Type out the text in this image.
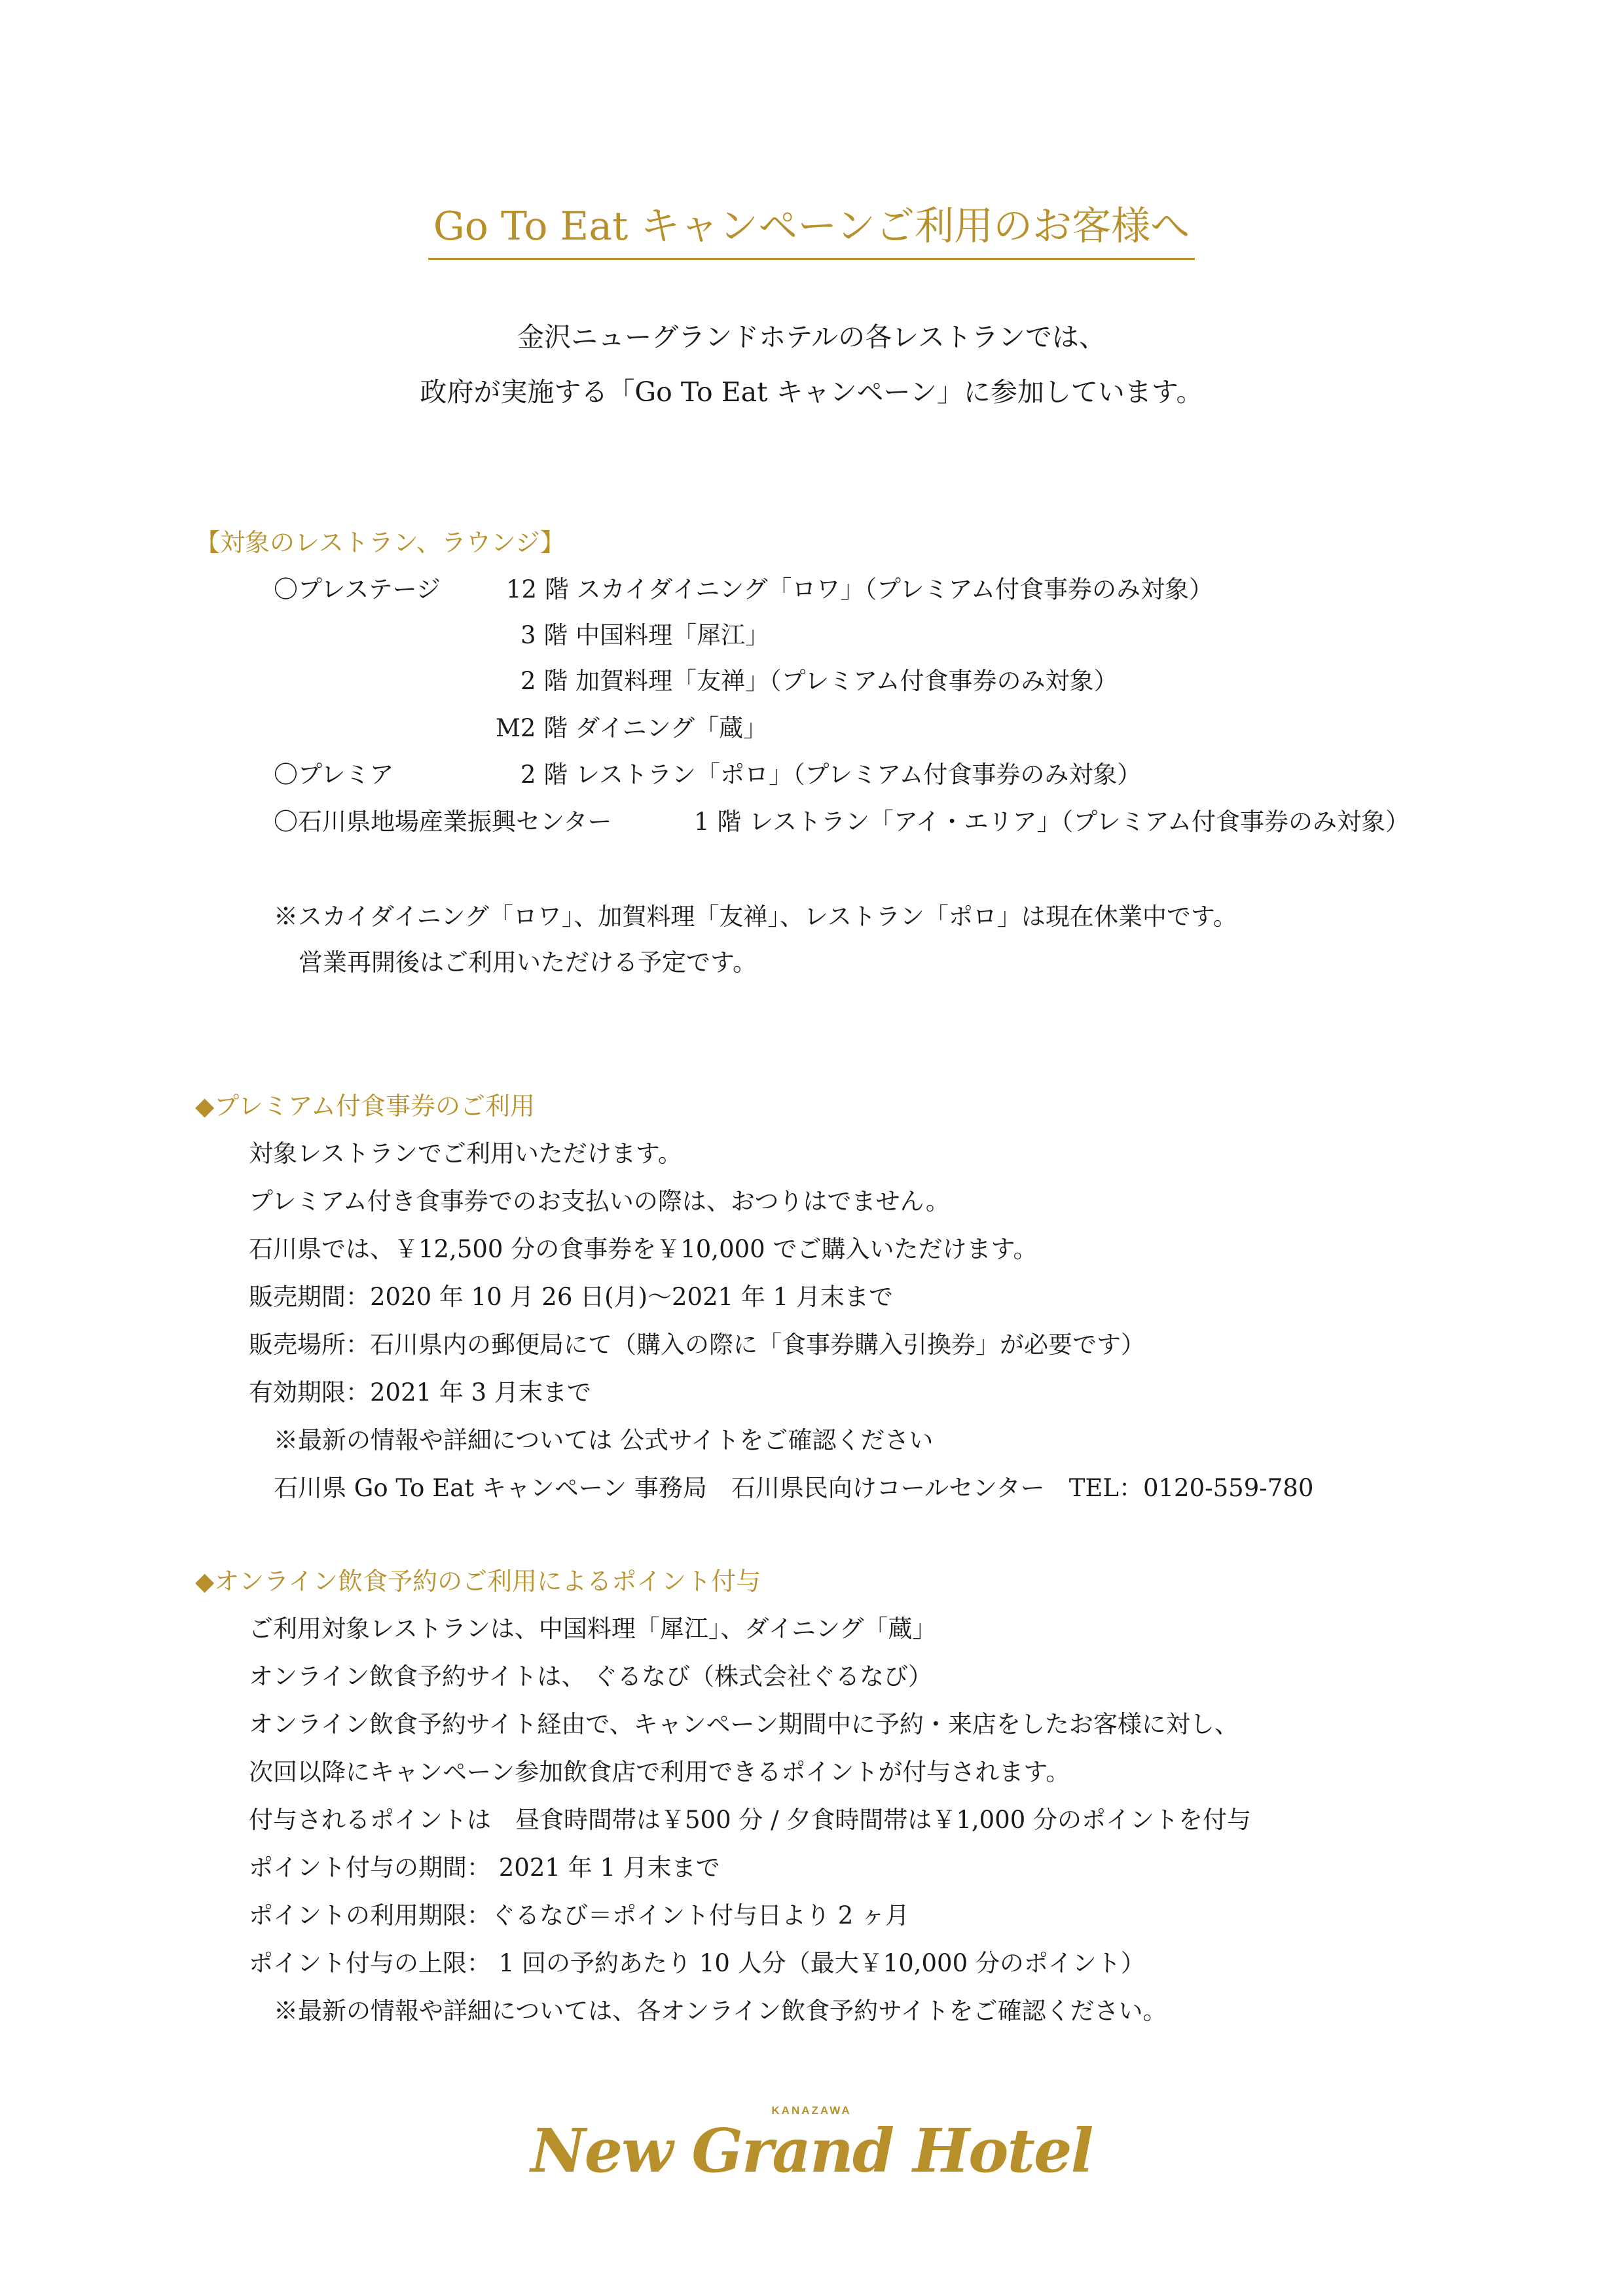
Go To Eat キャンペーンご利用のお客様へ
金沢ニューグランドホテルの各レストランでは、
政府が実施する「Go To Eat キャンペーン」に参加しています。
【対象のレストラン、ラウンジ】
〇プレステージ	12 階 スカイダイニング「ロワ」（プレミアム付食事券のみ対象）
3 階 中国料理「犀江」
2 階 加賀料理「友禅」（プレミアム付食事券のみ対象）
M2 階 ダイニング「蔵」
〇プレミア	2 階 レストラン「ポロ」（プレミアム付食事券のみ対象）
〇石川県地場産業振興センター	1 階 レストラン「アイ・エリア」（プレミアム付食事券のみ対象）
※スカイダイニング「ロワ」、加賀料理「友禅」、レストラン「ポロ」は現在休業中です。
営業再開後はご利用いただける予定です。
◆プレミアム付食事券のご利用
対象レストランでご利用いただけます。
プレミアム付き食事券でのお支払いの際は、おつりはでません。
石川県では、￥12,500 分の食事券を￥10,000 でご購入いただけます。
販売期間：2020 年 10 月 26 日(月)～2021 年 1 月末まで
販売場所：石川県内の郵便局にて（購入の際に「食事券購入引換券」が必要です）
有効期限：2021 年 3 月末まで
※最新の情報や詳細については 公式サイトをご確認ください
石川県 Go To Eat キャンペーン 事務局　石川県民向けコールセンター　TEL：0120-559-780
◆オンライン飲食予約のご利用によるポイント付与
ご利用対象レストランは、中国料理「犀江」、ダイニング「蔵」
オンライン飲食予約サイトは、 ぐるなび（株式会社ぐるなび）
オンライン飲食予約サイト経由で、キャンペーン期間中に予約・来店をしたお客様に対し、
次回以降にキャンペーン参加飲食店で利用できるポイントが付与されます。
付与されるポイントは　昼食時間帯は￥500 分 / 夕食時間帯は￥1,000 分のポイントを付与
ポイント付与の期間： 2021 年 1 月末まで
ポイントの利用期限：ぐるなび＝ポイント付与日より 2 ヶ月
ポイント付与の上限： 1 回の予約あたり 10 人分（最大￥10,000 分のポイント）
※最新の情報や詳細については、各オンライン飲食予約サイトをご確認ください。
KANAZAWA
New Grand Hotel
